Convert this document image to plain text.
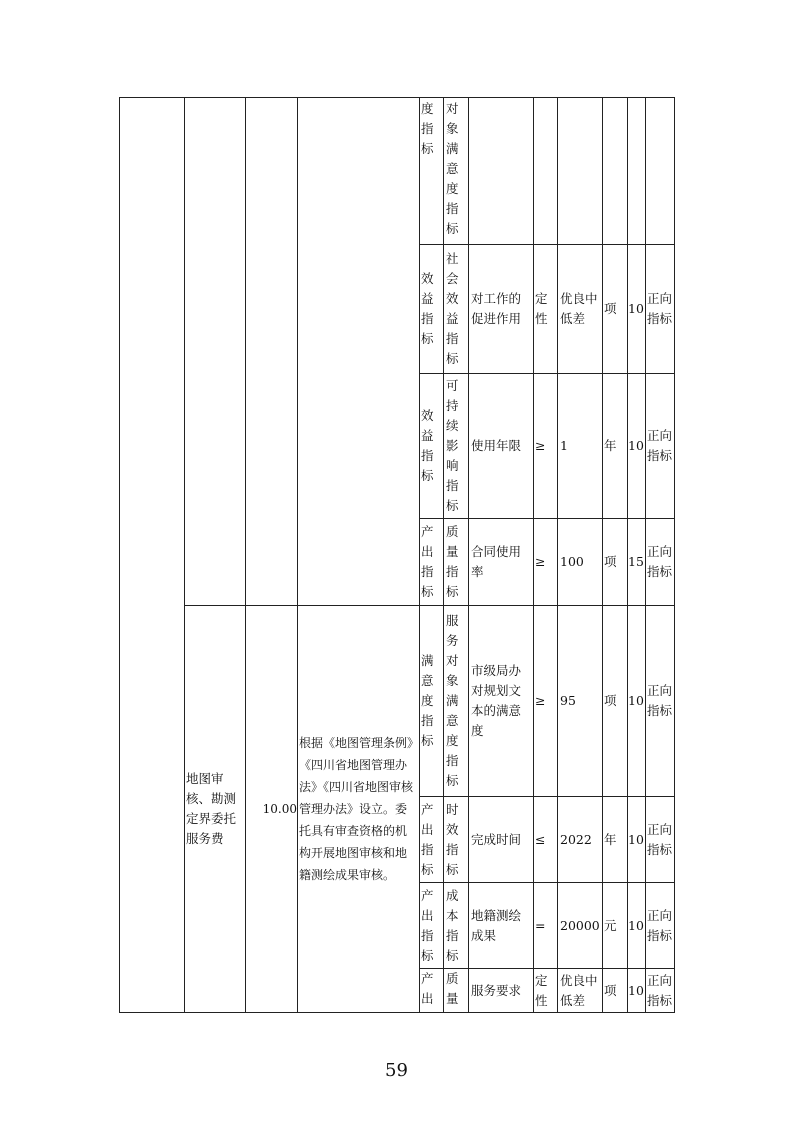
度指标
对象满意度指标
效益指标
社会效益指标
对工作的促进作用
定性
优良中低差
项 10
正向指标
效益指标
可持续影响指标
使用年限 ≥ 1	年 10
正向指标
产出指标
质量指标
合同使用率
≥ 100 项 15
正向指标
地图审核、勘测定界委托服务费
10.00
根据《地图管理条例》《四川省地图管理办法》《四川省地图审核管理办法》设立。委托具有审查资格的机构开展地图审核和地籍测绘成果审核。
满意度指标
服务对象满意度指标
市级局办对规划文本的满意度
≥ 95 项 10
正向指标
产出指标
时效指标
完成时间 ≤ 2022 年 10
正向指标
产出指标
成本指标
地籍测绘成果
= 20000 元 10
正向指标
产出
质量
服务要求
定性
优良中低差
项 10
正向指标
59
